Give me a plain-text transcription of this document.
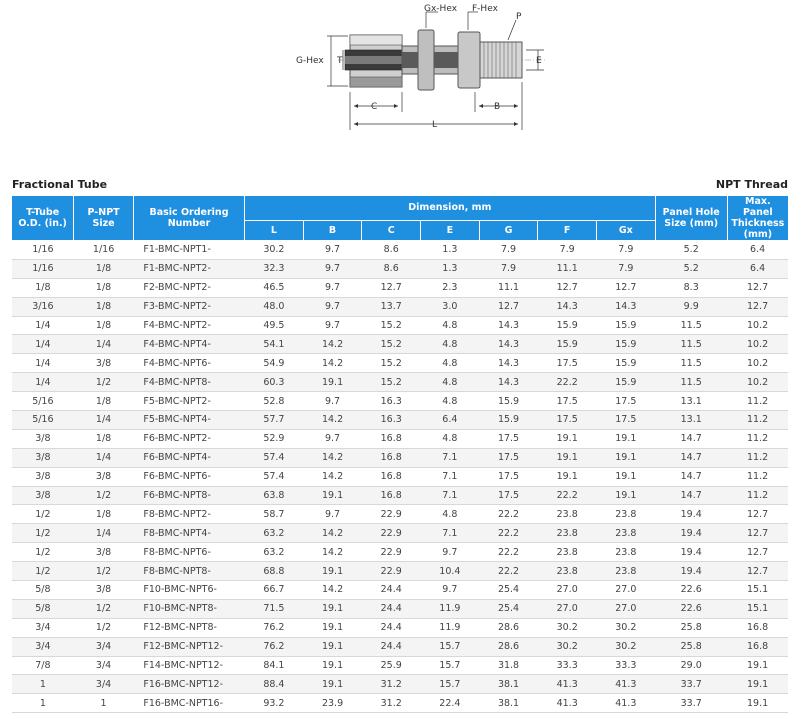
Gx-Hex F-Hex
P
G-Hex T	E
C	B
L
Fractional Tube	NPT Thread
T-Tube O.D. (in.)	P-NPT Size	Basic Ordering Number	Dimension, mm							Panel Hole Size (mm)	Max. Panel Thickness (mm)
			L	B	C	E	G	F	Gx		
1/16	1/16	F1-BMC-NPT1-	30.2	9.7	8.6	1.3	7.9	7.9	7.9	5.2	6.4
1/16	1/8	F1-BMC-NPT2-	32.3	9.7	8.6	1.3	7.9	11.1	7.9	5.2	6.4
1/8	1/8	F2-BMC-NPT2-	46.5	9.7	12.7	2.3	11.1	12.7	12.7	8.3	12.7
3/16	1/8	F3-BMC-NPT2-	48.0	9.7	13.7	3.0	12.7	14.3	14.3	9.9	12.7
1/4	1/8	F4-BMC-NPT2-	49.5	9.7	15.2	4.8	14.3	15.9	15.9	11.5	10.2
1/4	1/4	F4-BMC-NPT4-	54.1	14.2	15.2	4.8	14.3	15.9	15.9	11.5	10.2
1/4	3/8	F4-BMC-NPT6-	54.9	14.2	15.2	4.8	14.3	17.5	15.9	11.5	10.2
1/4	1/2	F4-BMC-NPT8-	60.3	19.1	15.2	4.8	14.3	22.2	15.9	11.5	10.2
5/16	1/8	F5-BMC-NPT2-	52.8	9.7	16.3	4.8	15.9	17.5	17.5	13.1	11.2
5/16	1/4	F5-BMC-NPT4-	57.7	14.2	16.3	6.4	15.9	17.5	17.5	13.1	11.2
3/8	1/8	F6-BMC-NPT2-	52.9	9.7	16.8	4.8	17.5	19.1	19.1	14.7	11.2
3/8	1/4	F6-BMC-NPT4-	57.4	14.2	16.8	7.1	17.5	19.1	19.1	14.7	11.2
3/8	3/8	F6-BMC-NPT6-	57.4	14.2	16.8	7.1	17.5	19.1	19.1	14.7	11.2
3/8	1/2	F6-BMC-NPT8-	63.8	19.1	16.8	7.1	17.5	22.2	19.1	14.7	11.2
1/2	1/8	F8-BMC-NPT2-	58.7	9.7	22.9	4.8	22.2	23.8	23.8	19.4	12.7
1/2	1/4	F8-BMC-NPT4-	63.2	14.2	22.9	7.1	22.2	23.8	23.8	19.4	12.7
1/2	3/8	F8-BMC-NPT6-	63.2	14.2	22.9	9.7	22.2	23.8	23.8	19.4	12.7
1/2	1/2	F8-BMC-NPT8-	68.8	19.1	22.9	10.4	22.2	23.8	23.8	19.4	12.7
5/8	3/8	F10-BMC-NPT6-	66.7	14.2	24.4	9.7	25.4	27.0	27.0	22.6	15.1
5/8	1/2	F10-BMC-NPT8-	71.5	19.1	24.4	11.9	25.4	27.0	27.0	22.6	15.1
3/4	1/2	F12-BMC-NPT8-	76.2	19.1	24.4	11.9	28.6	30.2	30.2	25.8	16.8
3/4	3/4	F12-BMC-NPT12-	76.2	19.1	24.4	15.7	28.6	30.2	30.2	25.8	16.8
7/8	3/4	F14-BMC-NPT12-	84.1	19.1	25.9	15.7	31.8	33.3	33.3	29.0	19.1
1	3/4	F16-BMC-NPT12-	88.4	19.1	31.2	15.7	38.1	41.3	41.3	33.7	19.1
1	1	F16-BMC-NPT16-	93.2	23.9	31.2	22.4	38.1	41.3	41.3	33.7	19.1
